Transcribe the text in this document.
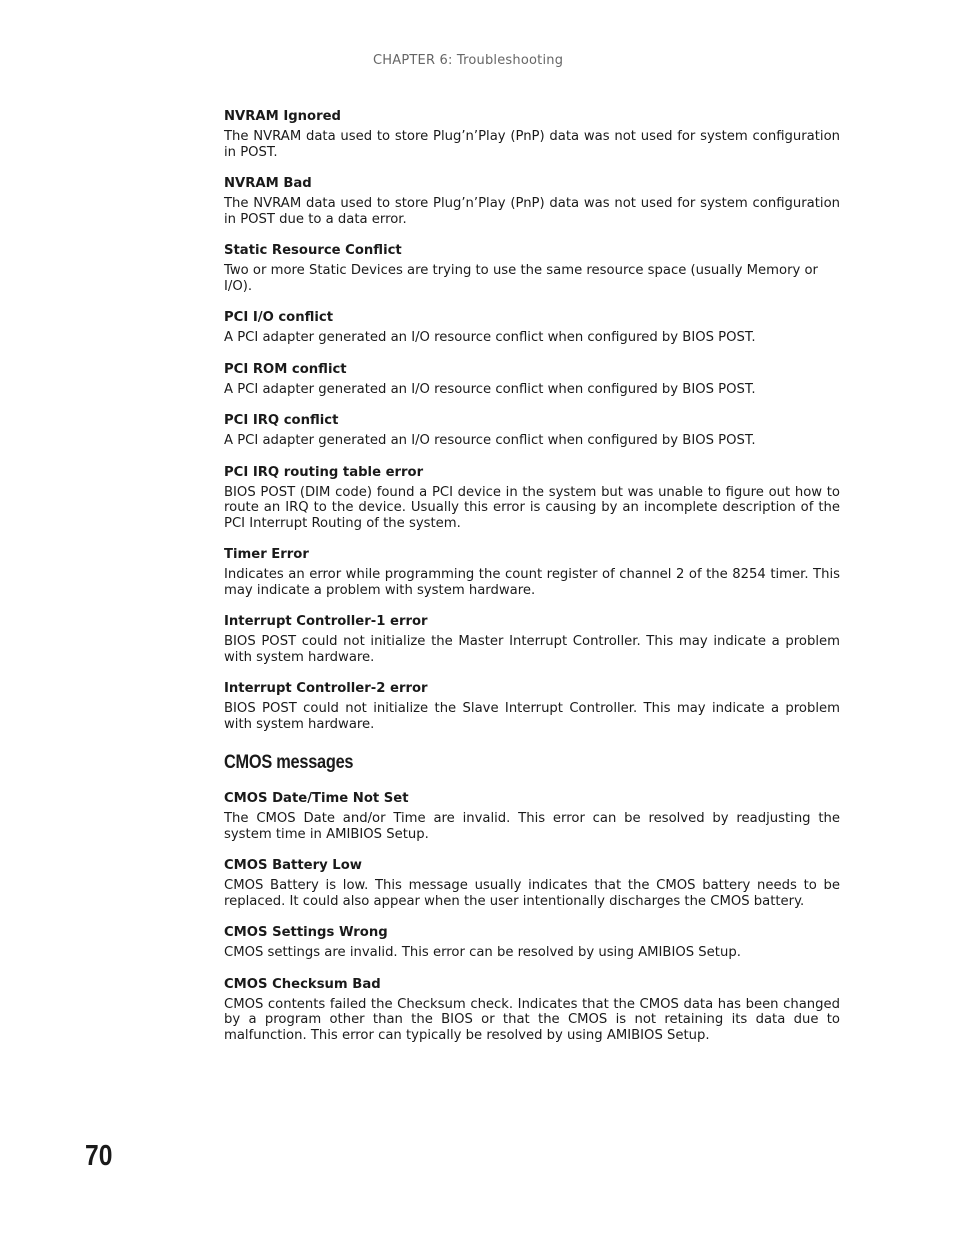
CHAPTER 6: Troubleshooting
NVRAM Ignored

The NVRAM data used to store Plug’n’Play (PnP) data was not used for system configuration in POST.

NVRAM Bad

The NVRAM data used to store Plug’n’Play (PnP) data was not used for system configuration in POST due to a data error.

Static Resource Conflict

Two or more Static Devices are trying to use the same resource space (usually Memory or I/O).

PCI I/O conflict

A PCI adapter generated an I/O resource conflict when configured by BIOS POST.

PCI ROM conflict

A PCI adapter generated an I/O resource conflict when configured by BIOS POST.

PCI IRQ conflict

A PCI adapter generated an I/O resource conflict when configured by BIOS POST.

PCI IRQ routing table error

BIOS POST (DIM code) found a PCI device in the system but was unable to figure out how to route an IRQ to the device. Usually this error is causing by an incomplete description of the PCI Interrupt Routing of the system.

Timer Error

Indicates an error while programming the count register of channel 2 of the 8254 timer. This may indicate a problem with system hardware.

Interrupt Controller-1 error

BIOS POST could not initialize the Master Interrupt Controller. This may indicate a problem with system hardware.

Interrupt Controller-2 error

BIOS POST could not initialize the Slave Interrupt Controller. This may indicate a problem with system hardware.

CMOS messages
CMOS Date/Time Not Set

The CMOS Date and/or Time are invalid. This error can be resolved by readjusting the system time in AMIBIOS Setup.

CMOS Battery Low

CMOS Battery is low. This message usually indicates that the CMOS battery needs to be replaced. It could also appear when the user intentionally discharges the CMOS battery.

CMOS Settings Wrong

CMOS settings are invalid. This error can be resolved by using AMIBIOS Setup.

CMOS Checksum Bad

CMOS contents failed the Checksum check. Indicates that the CMOS data has been changed by a program other than the BIOS or that the CMOS is not retaining its data due to malfunction. This error can typically be resolved by using AMIBIOS Setup.

70
